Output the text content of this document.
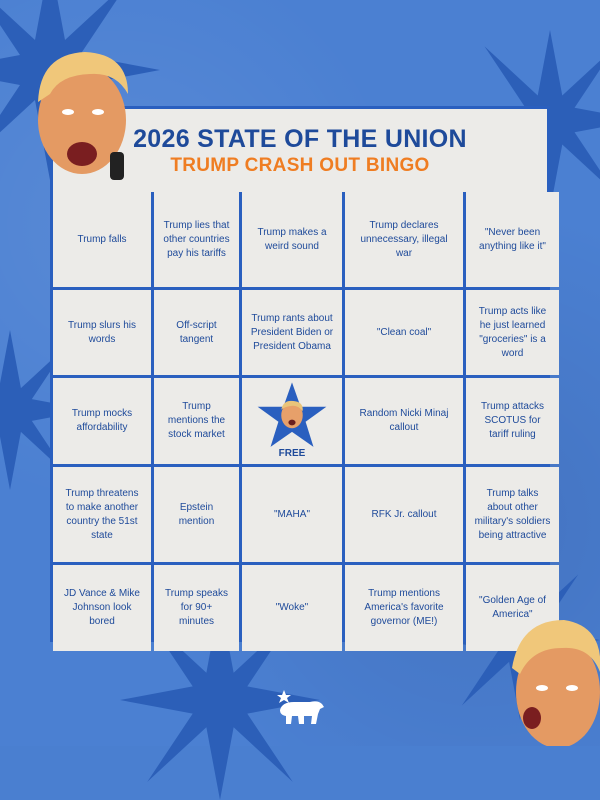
2026 STATE OF THE UNION
TRUMP CRASH OUT BINGO
Trump falls
Trump lies that other countries pay his tariffs
Trump makes a weird sound
Trump declares unnecessary, illegal war
"Never been anything like it"
Trump slurs his words
Off-script tangent
Trump rants about President Biden or President Obama
"Clean coal"
Trump acts like he just learned "groceries" is a word
Trump mocks affordability
Trump mentions the stock market
FREE
Random Nicki Minaj callout
Trump attacks SCOTUS for tariff ruling
Trump threatens to make another country the 51st state
Epstein mention
"MAHA"	RFK Jr. callout
Trump talks about other military's soldiers being attractive
JD Vance & Mike Johnson look bored
Trump speaks for 90+ minutes
"Woke"
Trump mentions America's favorite governor (ME!)
"Golden Age of America"
